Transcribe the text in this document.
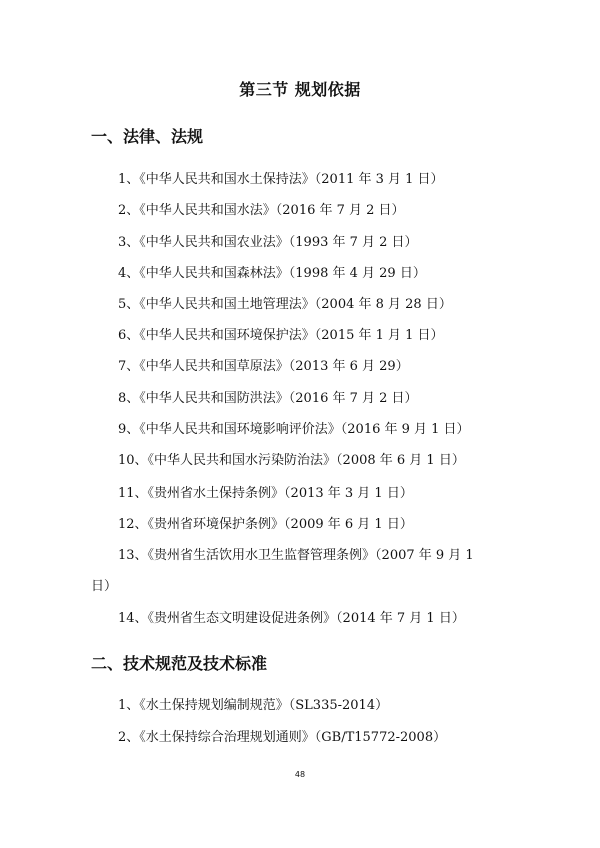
第三节 规划依据
一、法律、法规
1、《中华人民共和国水土保持法》（2011 年 3 月 1 日）
2、《中华人民共和国水法》（2016 年 7 月 2 日）
3、《中华人民共和国农业法》（1993 年 7 月 2 日）
4、《中华人民共和国森林法》（1998 年 4 月 29 日）
5、《中华人民共和国土地管理法》（2004 年 8 月 28 日）
6、《中华人民共和国环境保护法》（2015 年 1 月 1 日）
7、《中华人民共和国草原法》（2013 年 6 月 29）
8、《中华人民共和国防洪法》（2016 年 7 月 2 日）
9、《中华人民共和国环境影响评价法》（2016 年 9 月 1 日）
10、《中华人民共和国水污染防治法》（2008 年 6 月 1 日）
11、《贵州省水土保持条例》（2013 年 3 月 1 日）
12、《贵州省环境保护条例》（2009 年 6 月 1 日）
13、《贵州省生活饮用水卫生监督管理条例》（2007 年 9 月 1
日）
14、《贵州省生态文明建设促进条例》（2014 年 7 月 1 日）
二、技术规范及技术标准
1、《水土保持规划编制规范》（SL335-2014）
2、《水土保持综合治理规划通则》（GB/T15772-2008）
48
